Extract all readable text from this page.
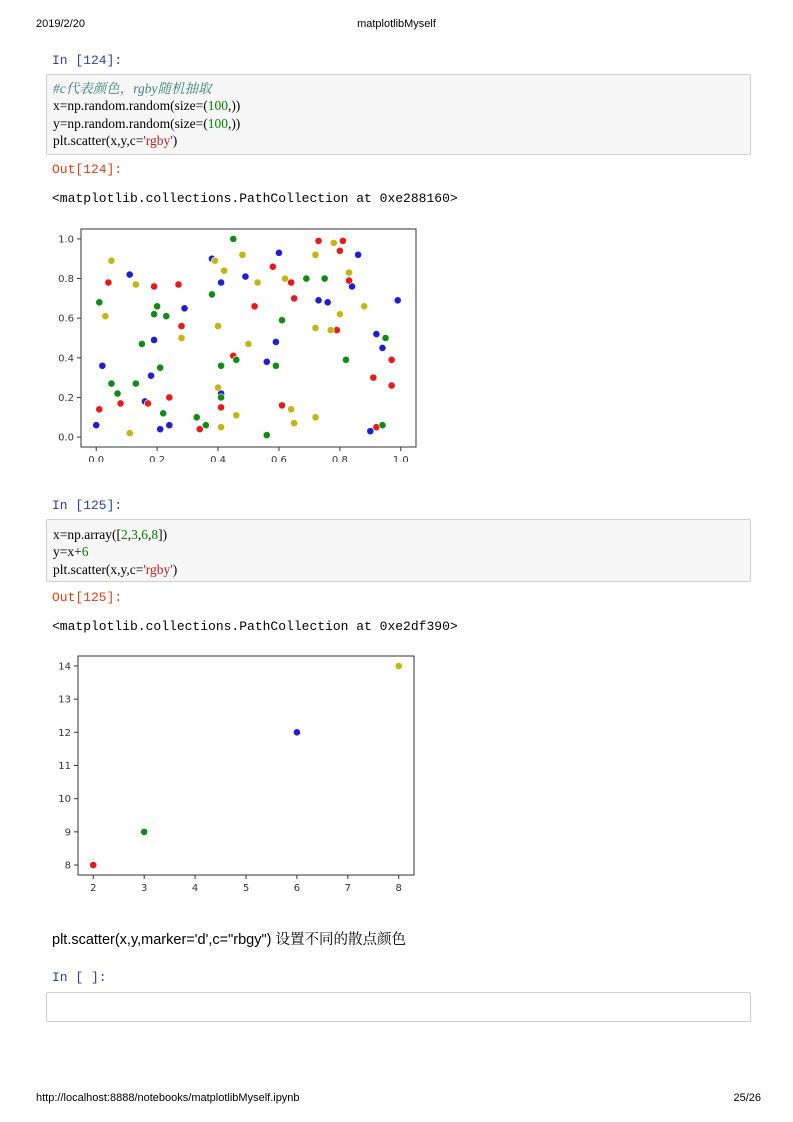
2019/2/20	matplotlibMyself
In [124]:
#c代表颜色，rgby随机抽取
x=np.random.random(size=(100,))
y=np.random.random(size=(100,))
plt.scatter(x,y,c='rgby')
Out[124]:
<matplotlib.collections.PathCollection at 0xe288160>
0.0	0.2	0.4	0.6	0.8	1.0
0.0
0.2
0.4
0.6
0.8
1.0
In [125]:
x=np.array([2,3,6,8])
y=x+6
plt.scatter(x,y,c='rgby')
Out[125]:
<matplotlib.collections.PathCollection at 0xe2df390>
2	3	4	5	6	7	8
8
9
10
11
12
13
14
plt.scatter(x,y,marker='d',c="rbgy") 设置不同的散点颜色
In [ ]:
http://localhost:8888/notebooks/matplotlibMyself.ipynb	25/26
